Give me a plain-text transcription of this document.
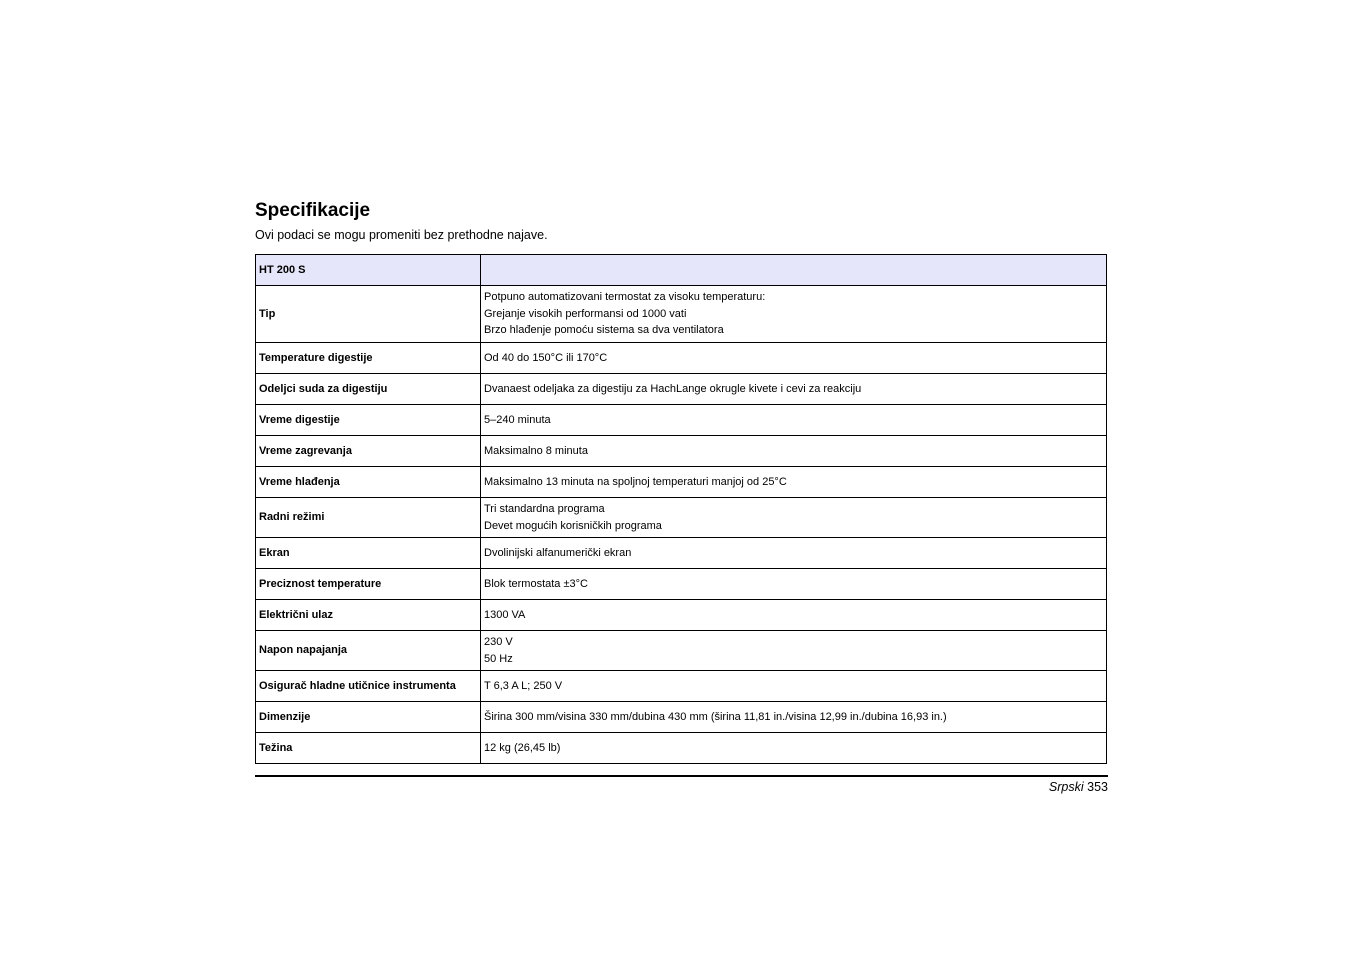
Specifikacije

Ovi podaci se mogu promeniti bez prethodne najave.

HT 200 S	
Tip	Potpuno automatizovani termostat za visoku temperaturu:
Grejanje visokih performansi od 1000 vati
Brzo hlađenje pomoću sistema sa dva ventilatora

Temperature digestije	Od 40 do 150°C ili 170°C

Odeljci suda za digestiju	Dvanaest odeljaka za digestiju za HachLange okrugle kivete i cevi za reakciju

Vreme digestije	5–240 minuta

Vreme zagrevanja	Maksimalno 8 minuta

Vreme hlađenja	Maksimalno 13 minuta na spoljnoj temperaturi manjoj od 25°C

Radni režimi	Tri standardna programa
Devet mogućih korisničkih programa

Ekran	Dvolinijski alfanumerički ekran

Preciznost temperature	Blok termostata ±3°C

Električni ulaz	1300 VA

Napon napajanja	230 V
50 Hz

Osigurač hladne utičnice instrumenta	T 6,3 A L; 250 V

Dimenzije	Širina 300 mm/visina 330 mm/dubina 430 mm (širina 11,81 in./visina 12,99 in./dubina 16,93 in.)

Težina	12 kg (26,45 lb)
Srpski 353
